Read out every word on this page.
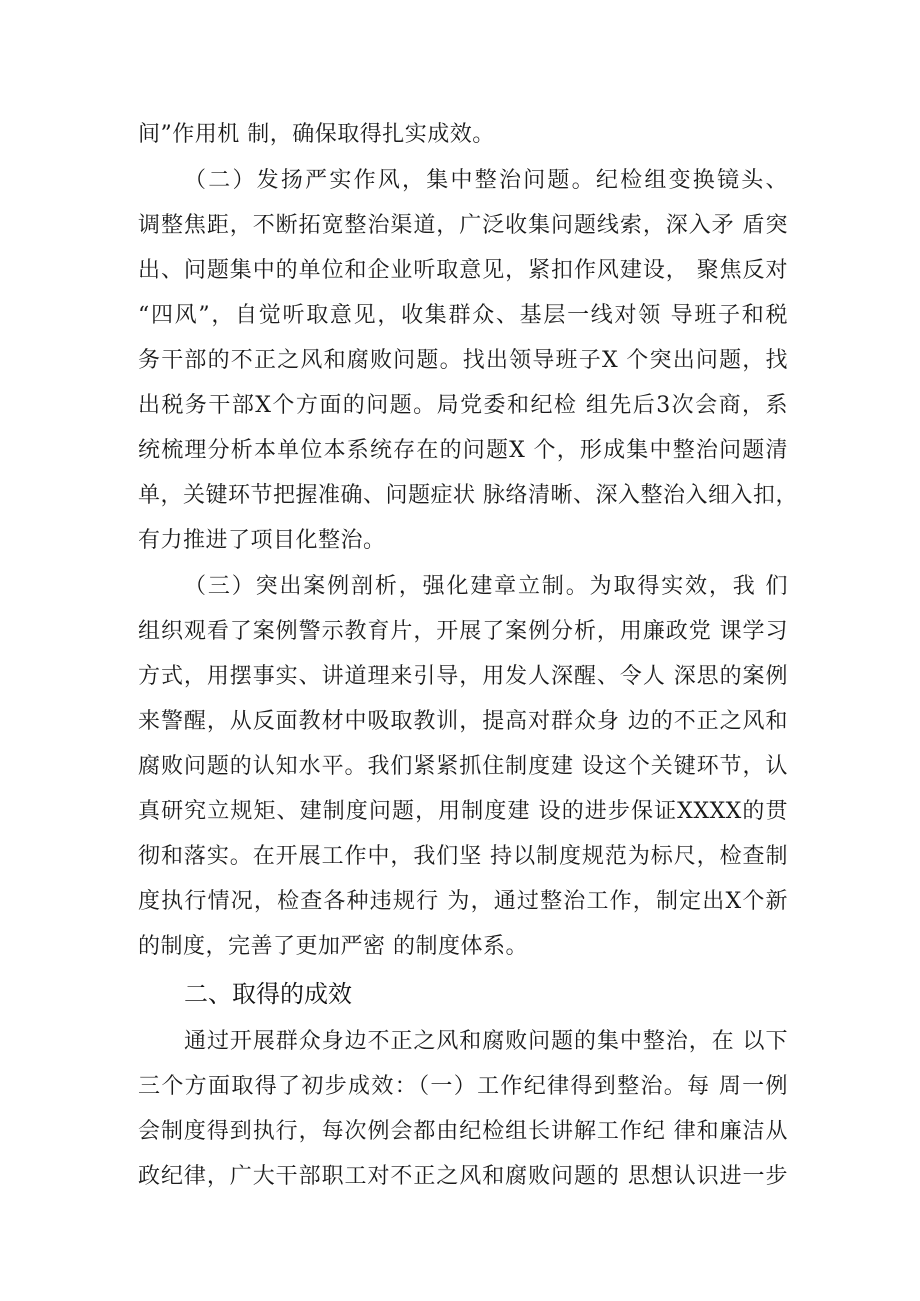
间”作用机 制，确保取得扎实成效。
（二）发扬严实作风，集中整治问题。纪检组变换镜头、
调整焦距，不断拓宽整治渠道，广泛收集问题线索，深入矛 盾突
出、问题集中的单位和企业听取意见，紧扣作风建设， 聚焦反对
“四风”，自觉听取意见，收集群众、基层一线对领 导班子和税
务干部的不正之风和腐败问题。找出领导班子X 个突出问题，找
出税务干部X个方面的问题。局党委和纪检 组先后3次会商，系
统梳理分析本单位本系统存在的问题X 个，形成集中整治问题清
单，关键环节把握准确、问题症状 脉络清晰、深入整治入细入扣，
有力推进了项目化整治。
（三）突出案例剖析，强化建章立制。为取得实效，我 们
组织观看了案例警示教育片，开展了案例分析，用廉政党 课学习
方式，用摆事实、讲道理来引导，用发人深醒、令人 深思的案例
来警醒，从反面教材中吸取教训，提高对群众身 边的不正之风和
腐败问题的认知水平。我们紧紧抓住制度建 设这个关键环节，认
真研究立规矩、建制度问题，用制度建 设的进步保证XXXX的贯
彻和落实。在开展工作中，我们坚 持以制度规范为标尺，检查制
度执行情况，检查各种违规行 为，通过整治工作，制定出X个新
的制度，完善了更加严密 的制度体系。
二、取得的成效
通过开展群众身边不正之风和腐败问题的集中整治，在 以下
三个方面取得了初步成效：（一）工作纪律得到整治。每 周一例
会制度得到执行，每次例会都由纪检组长讲解工作纪 律和廉洁从
政纪律，广大干部职工对不正之风和腐败问题的 思想认识进一步
